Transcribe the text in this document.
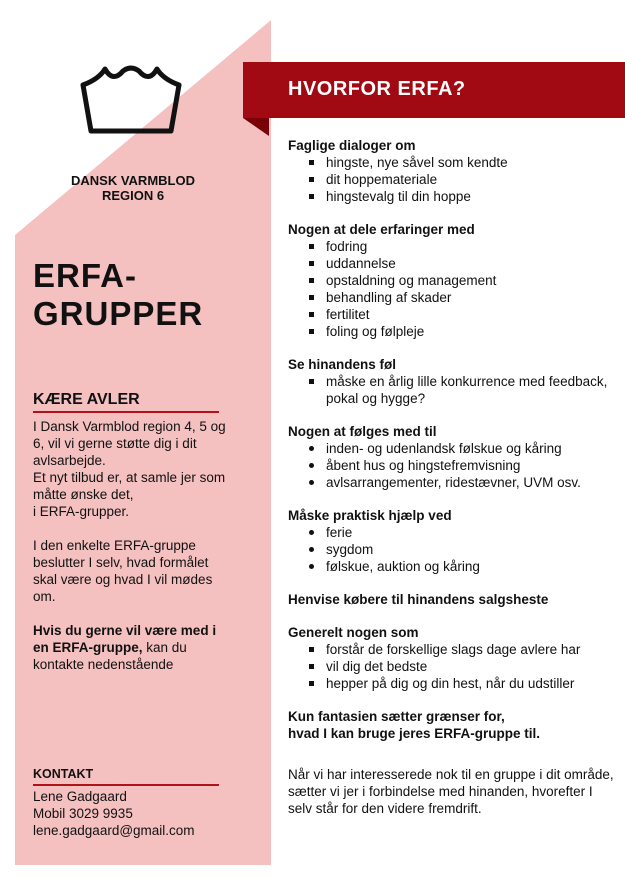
DANSK VARMBLOD
REGION 6
ERFA-
GRUPPER
KÆRE AVLER

I Dansk Varmblod region 4, 5 og 6, vil vi gerne støtte dig i dit avlsarbejde.

Et nyt tilbud er, at samle jer som måtte ønske det,

i ERFA-grupper.

I den enkelte ERFA-gruppe beslutter I selv, hvad formålet skal være og hvad I vil mødes om.

Hvis du gerne vil være med i en ERFA-gruppe, kan du kontakte nedenstående

KONTAKT
Lene Gadgaard
Mobil 3029 9935
lene.gadgaard@gmail.com
HVORFOR ERFA?
Faglige dialoger om
hingste, nye såvel som kendte
dit hoppemateriale
hingstevalg til din hoppe
Nogen at dele erfaringer med
fodring
uddannelse
opstaldning og management
behandling af skader
fertilitet
foling og følpleje
Se hinandens føl
måske en årlig lille konkurrence med feedback, pokal og hygge?
Nogen at følges med til
inden- og udenlandsk følskue og kåring
åbent hus og hingstefremvisning
avlsarrangementer, ridestævner, UVM osv.
Måske praktisk hjælp ved
ferie
sygdom
følskue, auktion og kåring
Henvise købere til hinandens salgsheste
Generelt nogen som
forstår de forskellige slags dage avlere har
vil dig det bedste
hepper på dig og din hest, når du udstiller
Kun fantasien sætter grænser for,
hvad I kan bruge jeres ERFA-gruppe til.

Når vi har interesserede nok til en gruppe i dit område, sætter vi jer i forbindelse med hinanden, hvorefter I selv står for den videre fremdrift.
